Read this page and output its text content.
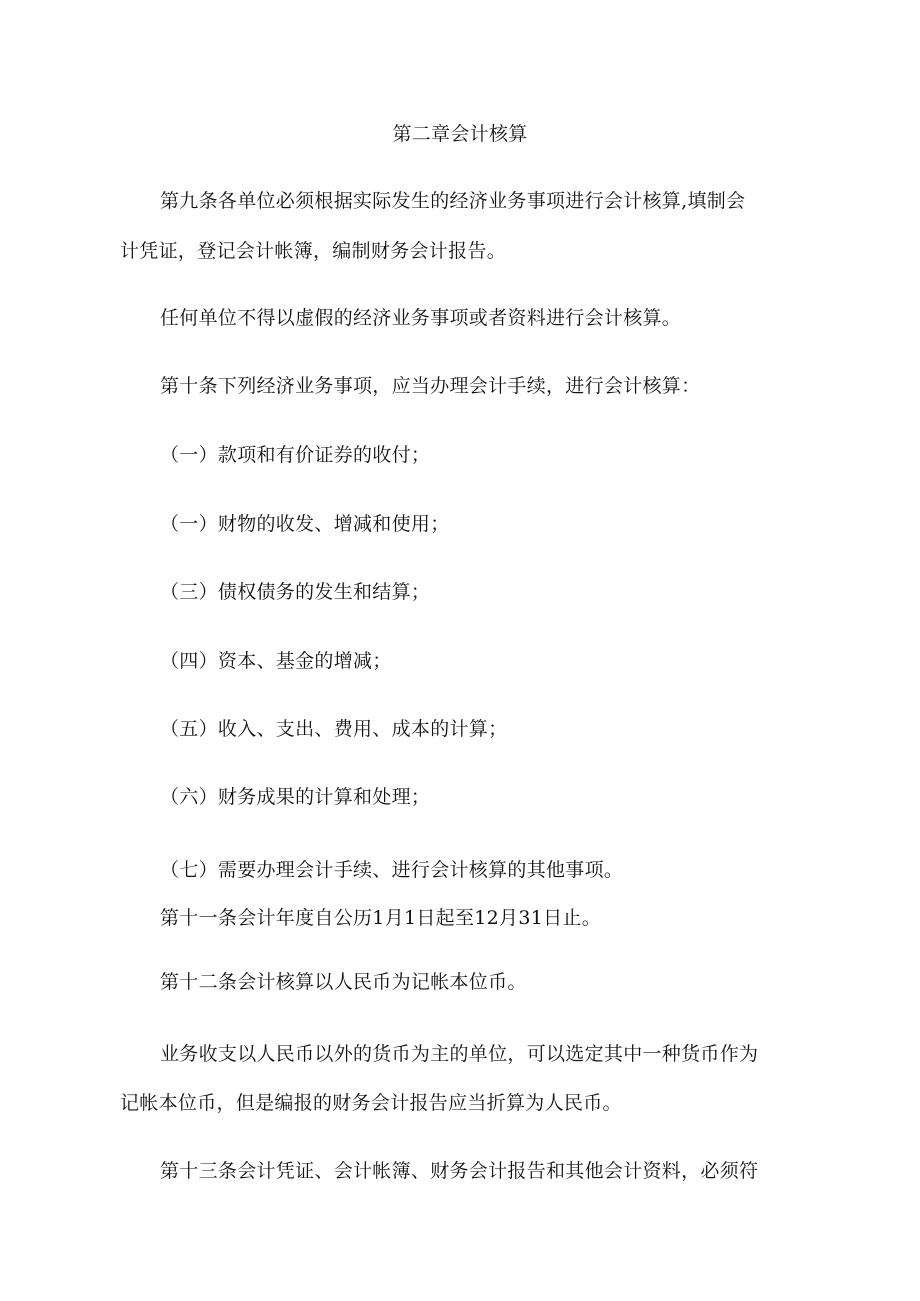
第二章会计核算
第九条各单位必须根据实际发生的经济业务事项进行会计核算,填制会
计凭证，登记会计帐簿，编制财务会计报告。
任何单位不得以虚假的经济业务事项或者资料进行会计核算。
第十条下列经济业务事项，应当办理会计手续，进行会计核算：
（一）款项和有价证券的收付；
（一）财物的收发、增减和使用；
（三）债权债务的发生和结算；
（四）资本、基金的增减；
（五）收入、支出、费用、成本的计算；
（六）财务成果的计算和处理；
（七）需要办理会计手续、进行会计核算的其他事项。
第十一条会计年度自公历1月1日起至12月31日止。
第十二条会计核算以人民币为记帐本位币。
业务收支以人民币以外的货币为主的单位，可以选定其中一种货币作为
记帐本位币，但是编报的财务会计报告应当折算为人民币。
第十三条会计凭证、会计帐簿、财务会计报告和其他会计资料，必须符
